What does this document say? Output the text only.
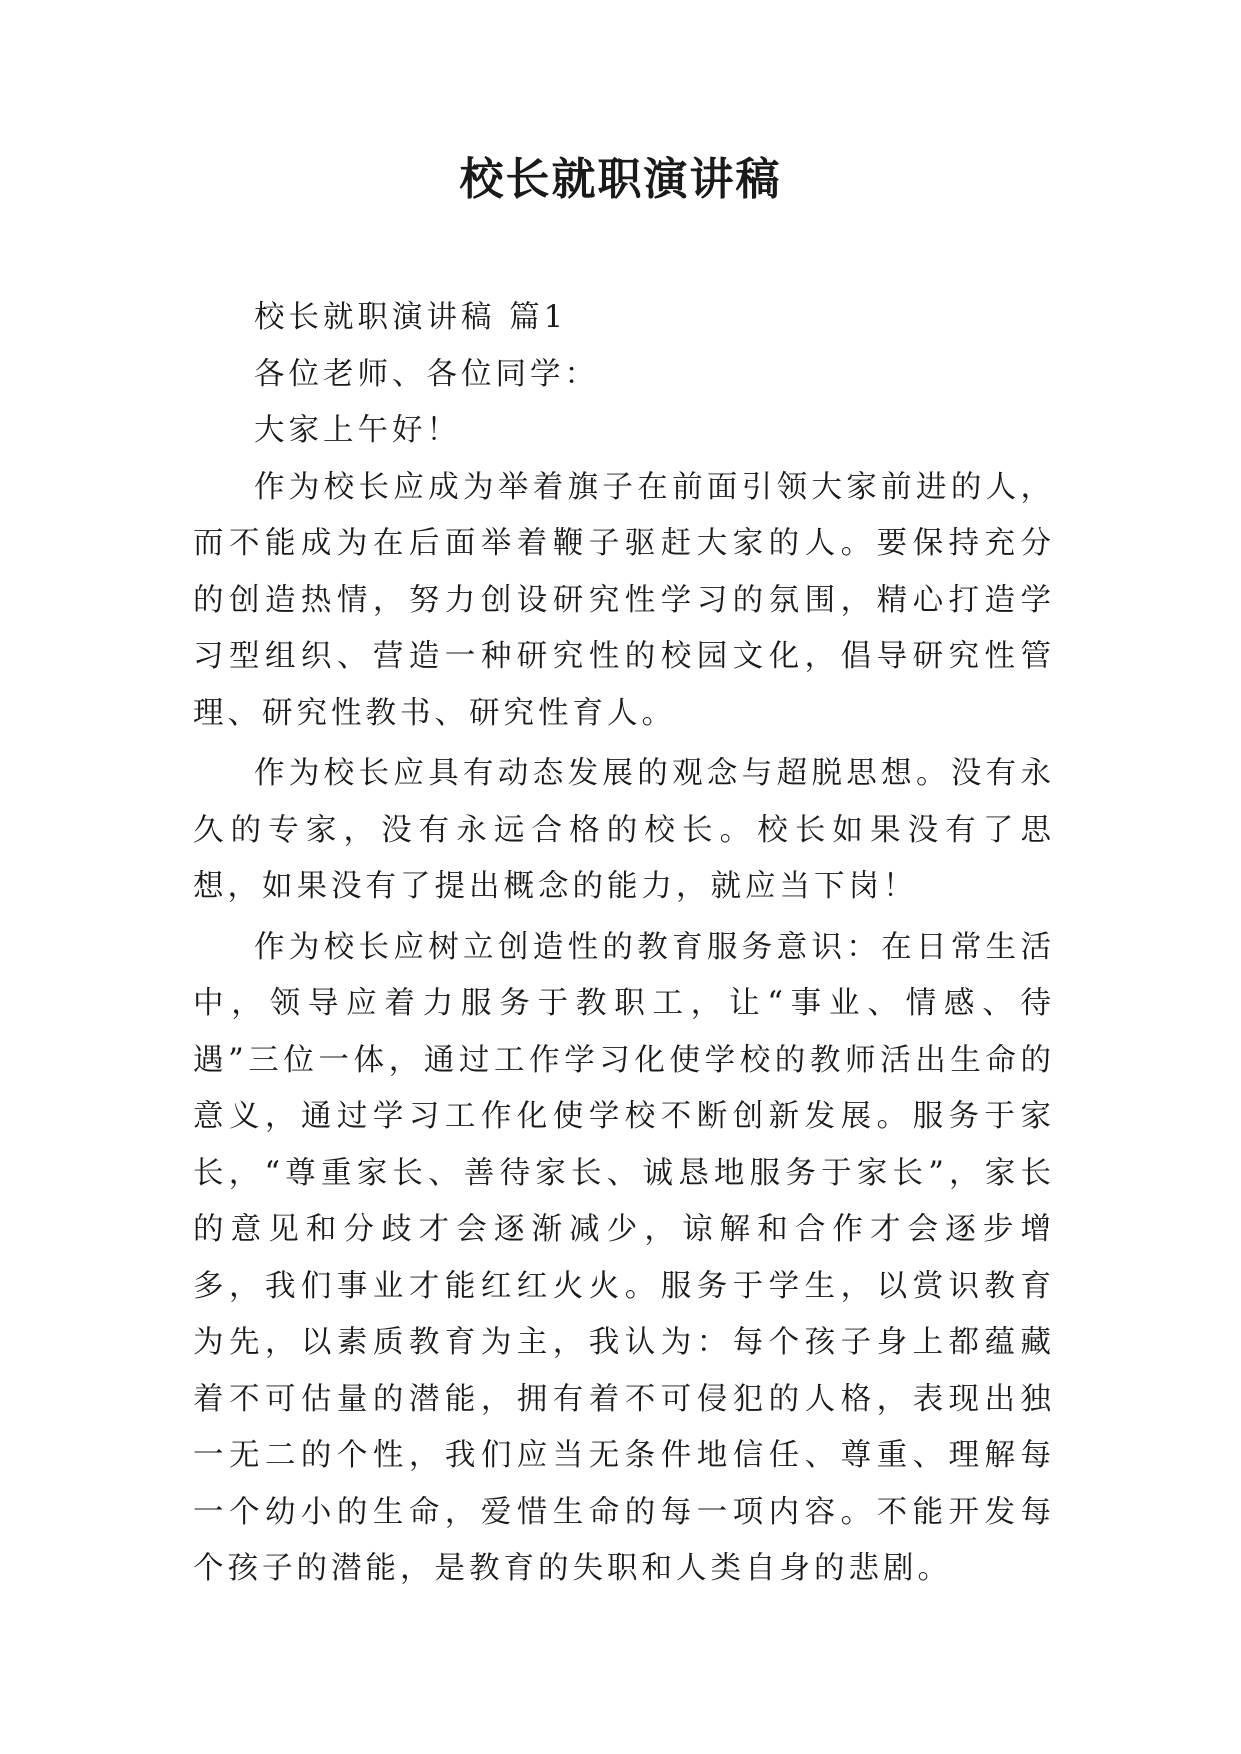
校长就职演讲稿

校长就职演讲稿 篇1

各位老师、各位同学：

大家上午好！

作为校长应成为举着旗子在前面引领大家前进的人，而不能成为在后面举着鞭子驱赶大家的人。要保持充分的创造热情，努力创设研究性学习的氛围，精心打造学习型组织、营造一种研究性的校园文化，倡导研究性管理、研究性教书、研究性育人。

作为校长应具有动态发展的观念与超脱思想。没有永久的专家，没有永远合格的校长。校长如果没有了思想，如果没有了提出概念的能力，就应当下岗！

作为校长应树立创造性的教育服务意识：在日常生活中，领导应着力服务于教职工，让“事业、情感、待遇”三位一体，通过工作学习化使学校的教师活出生命的意义，通过学习工作化使学校不断创新发展。服务于家长，“尊重家长、善待家长、诚恳地服务于家长”，家长的意见和分歧才会逐渐减少，谅解和合作才会逐步增多，我们事业才能红红火火。服务于学生，以赏识教育为先，以素质教育为主，我认为：每个孩子身上都蕴藏着不可估量的潜能，拥有着不可侵犯的人格，表现出独一无二的个性，我们应当无条件地信任、尊重、理解每一个幼小的生命，爱惜生命的每一项内容。不能开发每个孩子的潜能，是教育的失职和人类自身的悲剧。
